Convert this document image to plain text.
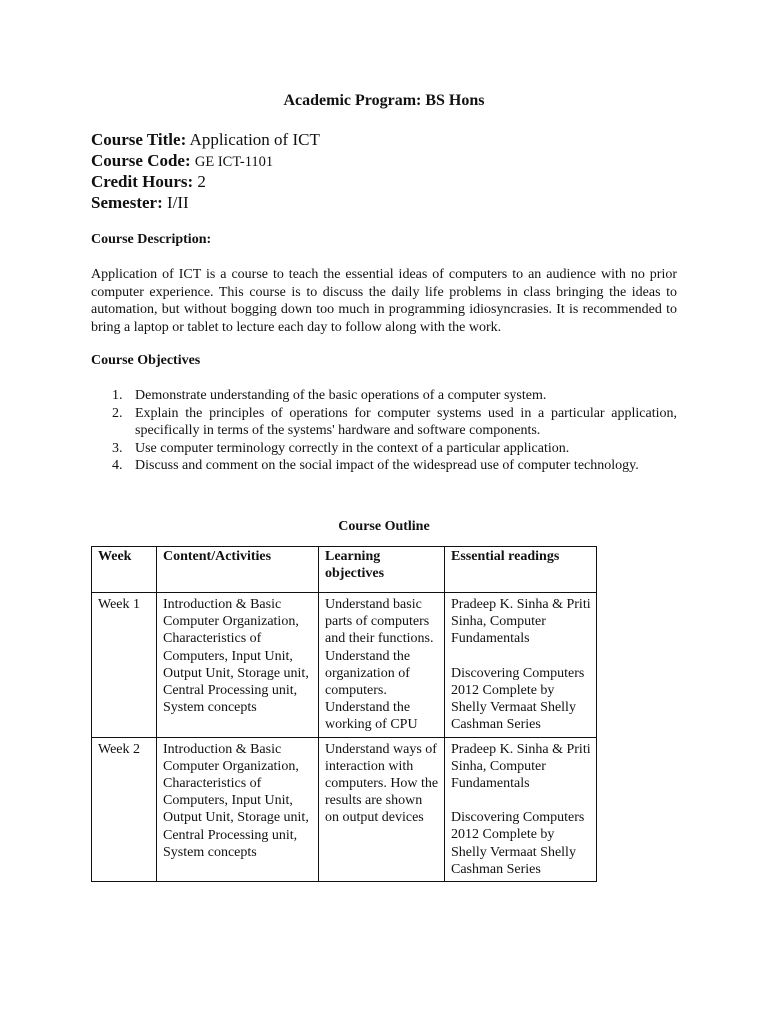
Academic Program: BS Hons
Course Title: Application of ICT
Course Code: GE ICT-1101
Credit Hours: 2
Semester: I/II
Course Description:
Application of ICT is a course to teach the essential ideas of computers to an audience with no prior computer experience. This course is to discuss the daily life problems in class bringing the ideas to automation, but without bogging down too much in programming idiosyncrasies. It is recommended to bring a laptop or tablet to lecture each day to follow along with the work.
Course Objectives
1. Demonstrate understanding of the basic operations of a computer system.
2. Explain the principles of operations for computer systems used in a particular application, specifically in terms of the systems' hardware and software components.
3. Use computer terminology correctly in the context of a particular application.
4. Discuss and comment on the social impact of the widespread use of computer technology.
Course Outline
Week	Content/Activities	Learning objectives	Essential readings
Week 1	Introduction & Basic Computer Organization, Characteristics of Computers, Input Unit, Output Unit, Storage unit, Central Processing unit, System concepts	Understand basic parts of computers and their functions. Understand the organization of computers. Understand the working of CPU	Pradeep K. Sinha & Priti Sinha, Computer Fundamentals
Discovering Computers 2012 Complete by Shelly Vermaat Shelly Cashman Series
Week 2	Introduction & Basic Computer Organization, Characteristics of Computers, Input Unit, Output Unit, Storage unit, Central Processing unit, System concepts	Understand ways of interaction with computers. How the results are shown on output devices	Pradeep K. Sinha & Priti Sinha, Computer Fundamentals
Discovering Computers 2012 Complete by Shelly Vermaat Shelly Cashman Series
